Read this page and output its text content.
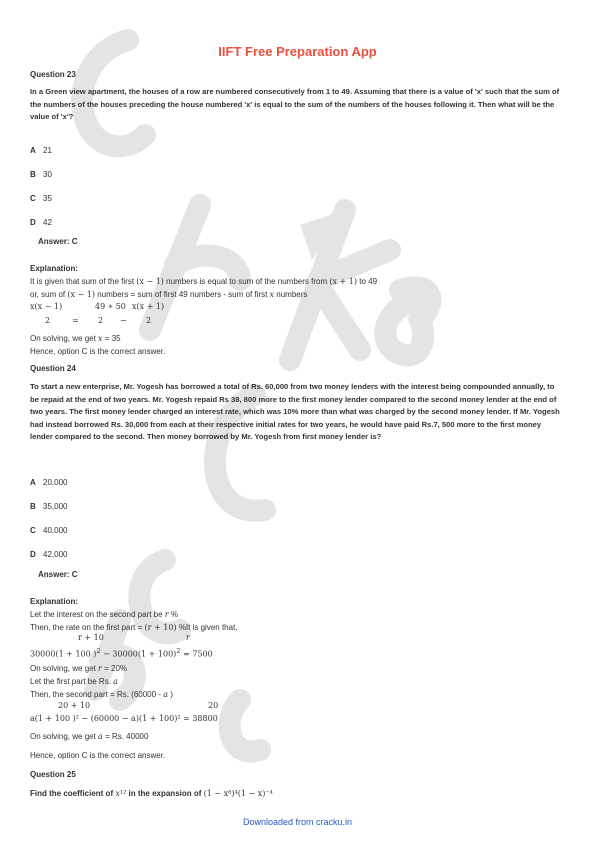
IIFT Free Preparation App
Question 23
In a Green view apartment, the houses of a row are numbered consecutively from 1 to 49. Assuming that there is a value of 'x' such that the sum of the numbers of the houses preceding the house numbered 'x' is equal to the sum of the numbers of the houses following it. Then what will be the value of 'x'?
A 21
B 30
C 35
D 42
Answer: C
Explanation:
It is given that sum of the first (x − 1) numbers is equal to sum of the numbers from (x + 1) to 49
or, sum of (x − 1) numbers = sum of first 49 numbers - sum of first x numbers
x(x − 1)	49 ∗ 50 x(x + 1)
2	= 2 − 2
On solving, we get x = 35
Hence, option C is the correct answer.
Question 24
To start a new enterprise, Mr. Yogesh has borrowed a total of Rs. 60,000 from two money lenders with the interest being compounded annually, to be repaid at the end of two years. Mr. Yogesh repaid Rs 38, 800 more to the first money lender compared to the second money lender at the end of two years. The first money lender charged an interest rate, which was 10% more than what was charged by the second money lender. If Mr. Yogesh had instead borrowed Rs. 30,000 from each at their respective initial rates for two years, he would have paid Rs.7, 500 more to the first money lender compared to the second. Then money borrowed by Mr. Yogesh from first money lender is?
A 20,000
B 35,000
C 40,000
D 42,000
Answer: C
Explanation:
Let the interest on the second part be r %
Then, the rate on the first part = (r + 10) %It is given that,
r + 10	r
30000(1 + 100 )$^2 - 30000(1 + 100)^2 = 7500$
On solving, we get r = 20%
Let the first part be Rs. a
Then, the second part = Rs. (60000 - a )
20 + 10	20
a(1 + 100 )² − (60000 − a)(1 + 100)² = 38800
On solving, we get a = Rs. 40000
Hence, option C is the correct answer.
Question 25
Find the coefficient of x¹² in the expansion of (1 − x⁸)⁴(1 − x)⁻⁴
Downloaded from cracku.in
